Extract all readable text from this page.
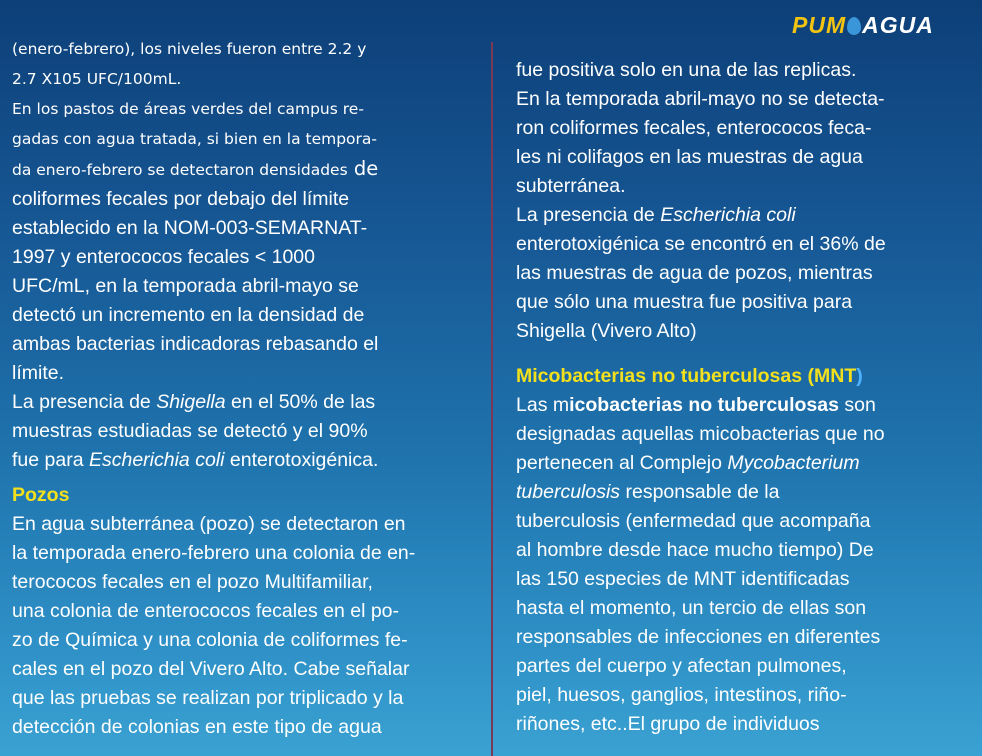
PUM AGUA

(enero-febrero), los niveles fueron entre 2.2 y

2.7 X105 UFC/100mL.

En los pastos de áreas verdes del campus re-

gadas con agua tratada, si bien en la tempora-

da enero-febrero se detectaron densidades de

coliformes fecales por debajo del límite

establecido en la NOM-003-SEMARNAT-

1997 y enterococos fecales < 1000

UFC/mL, en la temporada abril-mayo se

detectó un incremento en la densidad de

ambas bacterias indicadoras rebasando el

límite.

La presencia de Shigella en el 50% de las

muestras estudiadas se detectó y el 90%

fue para Escherichia coli enterotoxigénica.

Pozos

En agua subterránea (pozo) se detectaron en

la temporada enero-febrero una colonia de en-

terococos fecales en el pozo Multifamiliar,

una colonia de enterococos fecales en el po-

zo de Química y una colonia de coliformes fe-

cales en el pozo del Vivero Alto. Cabe señalar

que las pruebas se realizan por triplicado y la

detección de colonias en este tipo de agua

fue positiva solo en una de las replicas.

En la temporada abril-mayo no se detecta-

ron coliformes fecales, enterococos feca-

les ni colifagos en las muestras de agua

subterránea.

La presencia de Escherichia coli

enterotoxigénica se encontró en el 36% de

las muestras de agua de pozos, mientras

que sólo una muestra fue positiva para

Shigella (Vivero Alto)

Micobacterias no tuberculosas (MNT)

Las micobacterias no tuberculosas son

designadas aquellas micobacterias que no

pertenecen al Complejo Mycobacterium

tuberculosis responsable de la

tuberculosis (enfermedad que acompaña

al hombre desde hace mucho tiempo) De

las 150 especies de MNT identificadas

hasta el momento, un tercio de ellas son

responsables de infecciones en diferentes

partes del cuerpo y afectan pulmones,

piel, huesos, ganglios, intestinos, riño-

riñones, etc..El grupo de individuos
